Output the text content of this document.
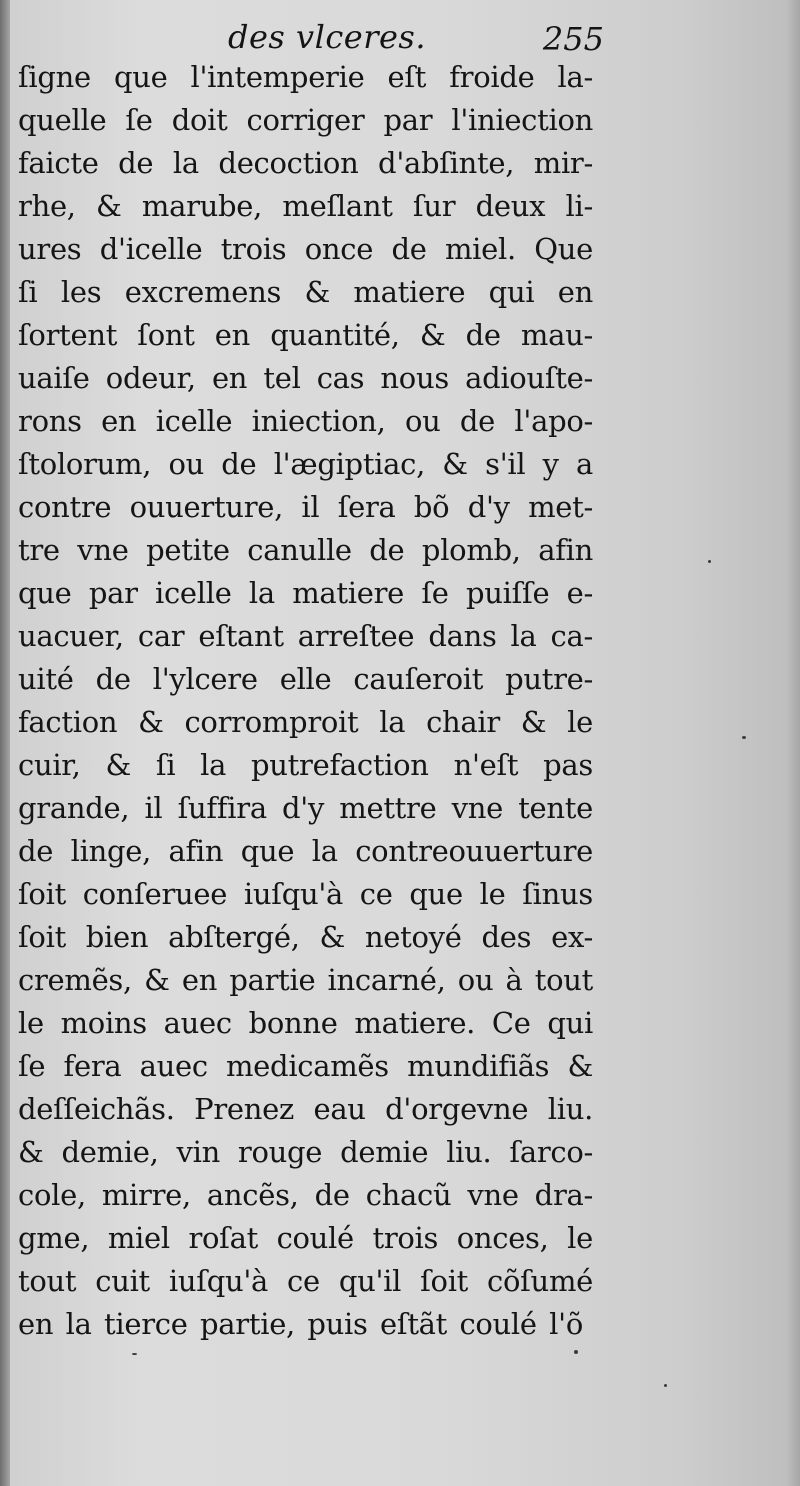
des vlceres.	255
ſigne que l'intemperie eſt froide la-
quelle ſe doit corriger par l'iniection
faicte de la decoction d'abſinte, mir-
rhe, & marube, meſlant ſur deux li-
ures d'icelle trois once de miel. Que
ſi les excremens & matiere qui en
ſortent ſont en quantité, & de mau-
uaiſe odeur, en tel cas nous adiouſte-
rons en icelle iniection, ou de l'apo-
ſtolorum, ou de l'ægiptiac, & s'il y a
contre ouuerture, il ſera bõ d'y met-
tre vne petite canulle de plomb, afin
que par icelle la matiere ſe puiſſe e-
uacuer, car eſtant arreſtee dans la ca-
uité de l'ylcere elle cauſeroit putre-
faction & corromproit la chair & le
cuir, & ſi la putrefaction n'eſt pas
grande, il ſuffira d'y mettre vne tente
de linge, afin que la contreouuerture
ſoit conſeruee iuſqu'à ce que le ſinus
ſoit bien abſtergé, & netoyé des ex-
cremẽs, & en partie incarné, ou à tout
le moins auec bonne matiere. Ce qui
ſe fera auec medicamẽs mundifiãs &
deſſeichãs. Prenez eau d'orgevne liu.
& demie, vin rouge demie liu. ſarco-
cole, mirre, ancẽs, de chacũ vne dra-
gme, miel roſat coulé trois onces, le
tout cuit iuſqu'à ce qu'il ſoit cõſumé
en la tierce partie, puis eſtãt coulé l'õ
